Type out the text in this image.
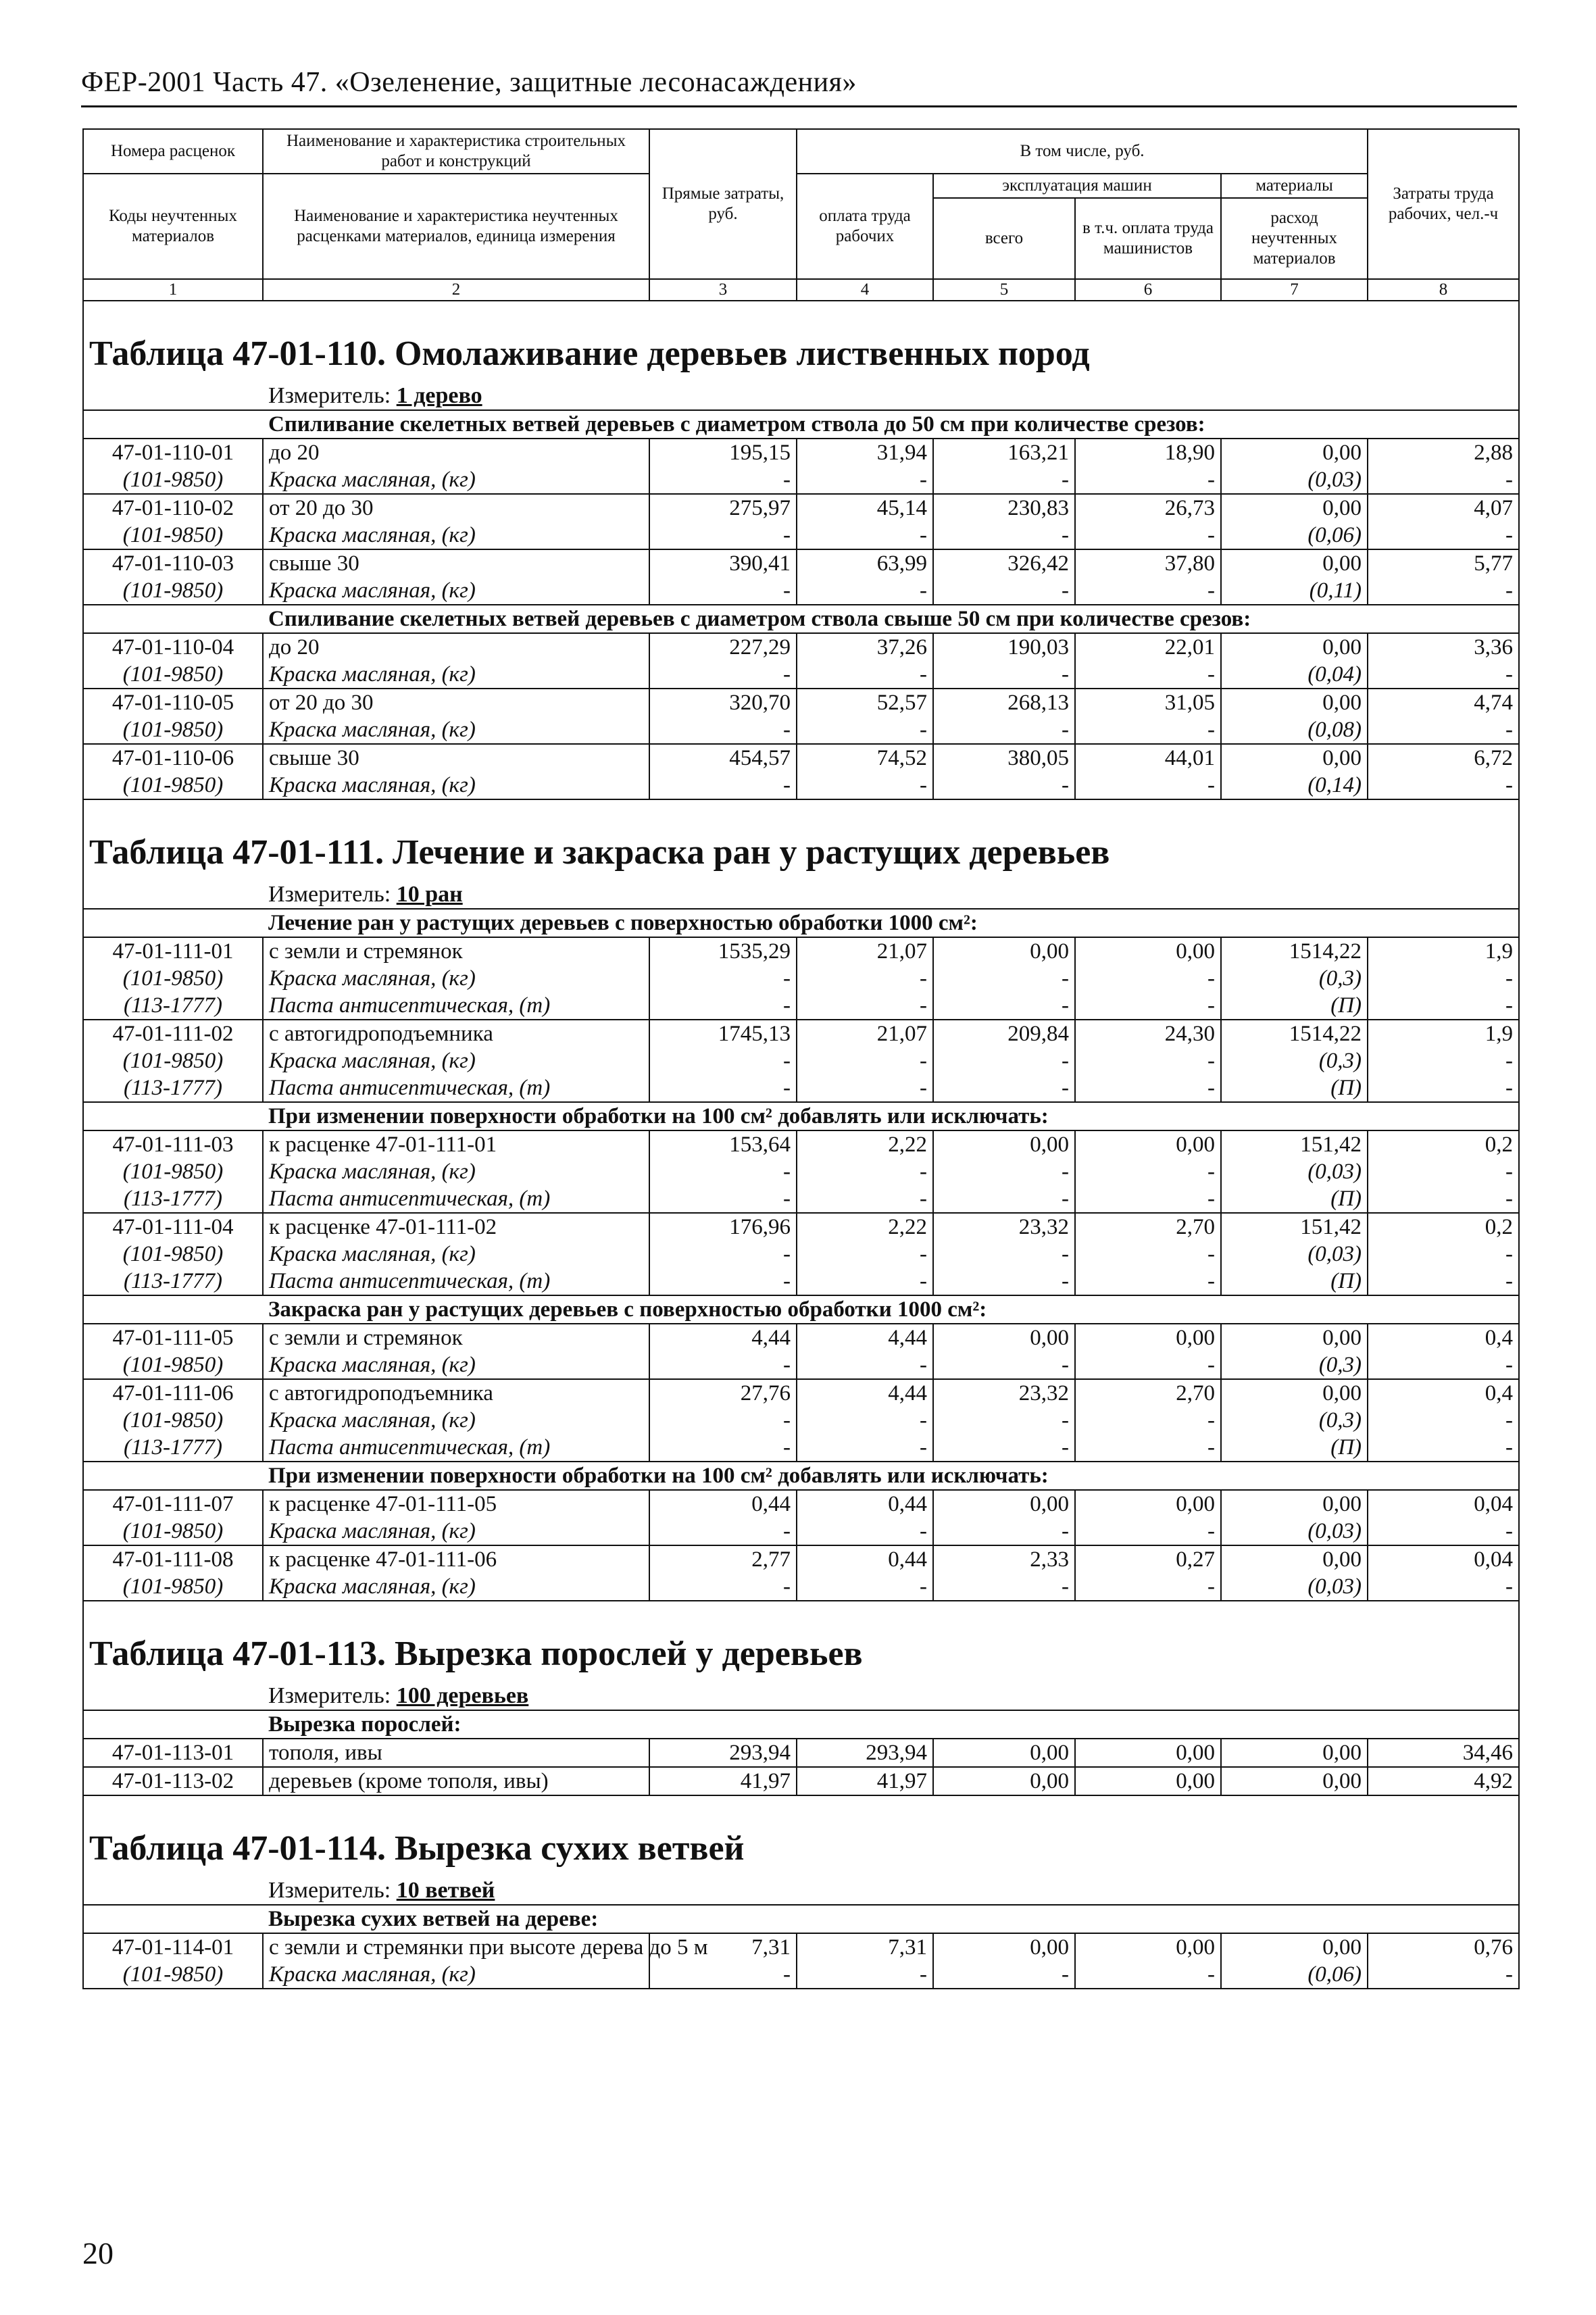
ФЕР-2001 Часть 47. «Озеленение, защитные лесонасаждения»
Номера расценок	Наименование и характеристика строительных работ и конструкций	Прямые затраты, руб.	В том числе, руб.				Затраты труда рабочих, чел.-ч
Коды неучтенных материалов	Наименование и характеристика неучтенных расценками материалов, единица измерения		оплата труда рабочих	эксплуатация машин		материалы	
				всего	в т.ч. оплата труда машинистов	расход неучтенных материалов	
1	2	3	4	5	6	7	8
Таблица 47-01-110. Омолаживание деревьев лиственных пород							
	Измеритель: 1 дерево						
	Спиливание скелетных ветвей деревьев с диаметром ствола до 50 см при количестве срезов:						
47-01-110-01	до 20	195,15	31,94	163,21	18,90	0,00	2,88
(101-9850)	Краска масляная, (кг)	-	-	-	-	(0,03)	-
47-01-110-02	от 20 до 30	275,97	45,14	230,83	26,73	0,00	4,07
(101-9850)	Краска масляная, (кг)	-	-	-	-	(0,06)	-
47-01-110-03	свыше 30	390,41	63,99	326,42	37,80	0,00	5,77
(101-9850)	Краска масляная, (кг)	-	-	-	-	(0,11)	-
	Спиливание скелетных ветвей деревьев с диаметром ствола свыше 50 см при количестве срезов:						
47-01-110-04	до 20	227,29	37,26	190,03	22,01	0,00	3,36
(101-9850)	Краска масляная, (кг)	-	-	-	-	(0,04)	-
47-01-110-05	от 20 до 30	320,70	52,57	268,13	31,05	0,00	4,74
(101-9850)	Краска масляная, (кг)	-	-	-	-	(0,08)	-
47-01-110-06	свыше 30	454,57	74,52	380,05	44,01	0,00	6,72
(101-9850)	Краска масляная, (кг)	-	-	-	-	(0,14)	-
Таблица 47-01-111. Лечение и закраска ран у растущих деревьев							
	Измеритель: 10 ран						
	Лечение ран у растущих деревьев с поверхностью обработки 1000 см²:						
47-01-111-01	с земли и стремянок	1535,29	21,07	0,00	0,00	1514,22	1,9
(101-9850)	Краска масляная, (кг)	-	-	-	-	(0,3)	-
(113-1777)	Паста антисептическая, (т)	-	-	-	-	(П)	-
47-01-111-02	с автогидроподъемника	1745,13	21,07	209,84	24,30	1514,22	1,9
(101-9850)	Краска масляная, (кг)	-	-	-	-	(0,3)	-
(113-1777)	Паста антисептическая, (т)	-	-	-	-	(П)	-
	При изменении поверхности обработки на 100 см² добавлять или исключать:						
47-01-111-03	к расценке 47-01-111-01	153,64	2,22	0,00	0,00	151,42	0,2
(101-9850)	Краска масляная, (кг)	-	-	-	-	(0,03)	-
(113-1777)	Паста антисептическая, (т)	-	-	-	-	(П)	-
47-01-111-04	к расценке 47-01-111-02	176,96	2,22	23,32	2,70	151,42	0,2
(101-9850)	Краска масляная, (кг)	-	-	-	-	(0,03)	-
(113-1777)	Паста антисептическая, (т)	-	-	-	-	(П)	-
	Закраска ран у растущих деревьев с поверхностью обработки 1000 см²:						
47-01-111-05	с земли и стремянок	4,44	4,44	0,00	0,00	0,00	0,4
(101-9850)	Краска масляная, (кг)	-	-	-	-	(0,3)	-
47-01-111-06	с автогидроподъемника	27,76	4,44	23,32	2,70	0,00	0,4
(101-9850)	Краска масляная, (кг)	-	-	-	-	(0,3)	-
(113-1777)	Паста антисептическая, (т)	-	-	-	-	(П)	-
	При изменении поверхности обработки на 100 см² добавлять или исключать:						
47-01-111-07	к расценке 47-01-111-05	0,44	0,44	0,00	0,00	0,00	0,04
(101-9850)	Краска масляная, (кг)	-	-	-	-	(0,03)	-
47-01-111-08	к расценке 47-01-111-06	2,77	0,44	2,33	0,27	0,00	0,04
(101-9850)	Краска масляная, (кг)	-	-	-	-	(0,03)	-
Таблица 47-01-113. Вырезка порослей у деревьев							
	Измеритель: 100 деревьев						
	Вырезка порослей:						
47-01-113-01	тополя, ивы	293,94	293,94	0,00	0,00	0,00	34,46
47-01-113-02	деревьев (кроме тополя, ивы)	41,97	41,97	0,00	0,00	0,00	4,92
Таблица 47-01-114. Вырезка сухих ветвей							
	Измеритель: 10 ветвей						
	Вырезка сухих ветвей на дереве:						
47-01-114-01	с земли и стремянки при высоте дерева до 5 м	7,31	7,31	0,00	0,00	0,00	0,76
(101-9850)	Краска масляная, (кг)	-	-	-	-	(0,06)	-
20
